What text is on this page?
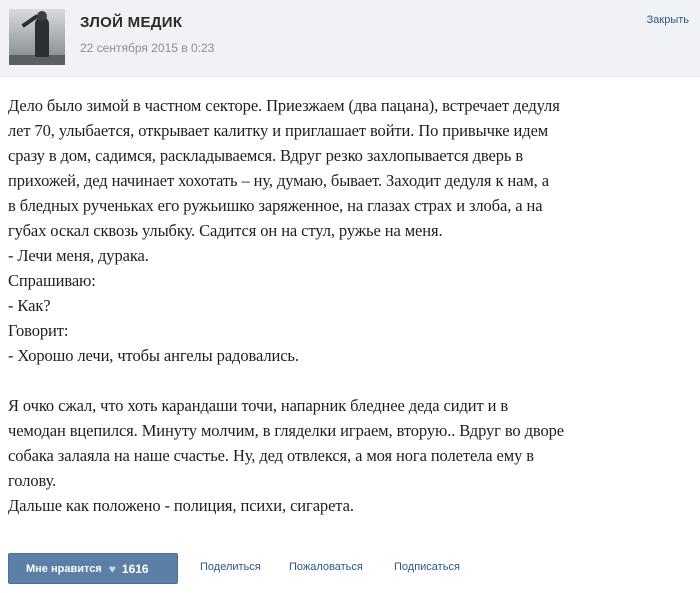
ЗЛОЙ МЕДИК
22 сентября 2015 в 0:23
Закрыть
Дело было зимой в частном секторе. Приезжаем (два пацана), встречает дедуля
лет 70, улыбается, открывает калитку и приглашает войти. По привычке идем
сразу в дом, садимся, раскладываемся. Вдруг резко захлопывается дверь в
прихожей, дед начинает хохотать – ну, думаю, бывает. Заходит дедуля к нам, а
в бледных рученьках его ружьишко заряженное, на глазах страх и злоба, а на
губах оскал сквозь улыбку. Садится он на стул, ружье на меня.
- Лечи меня, дурака.
Спрашиваю:
- Как?
Говорит:
- Хорошо лечи, чтобы ангелы радовались.
Я очко сжал, что хоть карандаши точи, напарник бледнее деда сидит и в
чемодан вцепился. Минуту молчим, в гляделки играем, вторую.. Вдруг во дворе
собака залаяла на наше счастье. Ну, дед отвлекся, а моя нога полетела ему в
голову.
Дальше как положено - полиция, психи, сигарета.
Мне нравится ♥ 1616	Поделиться	Пожаловаться	Подписаться
